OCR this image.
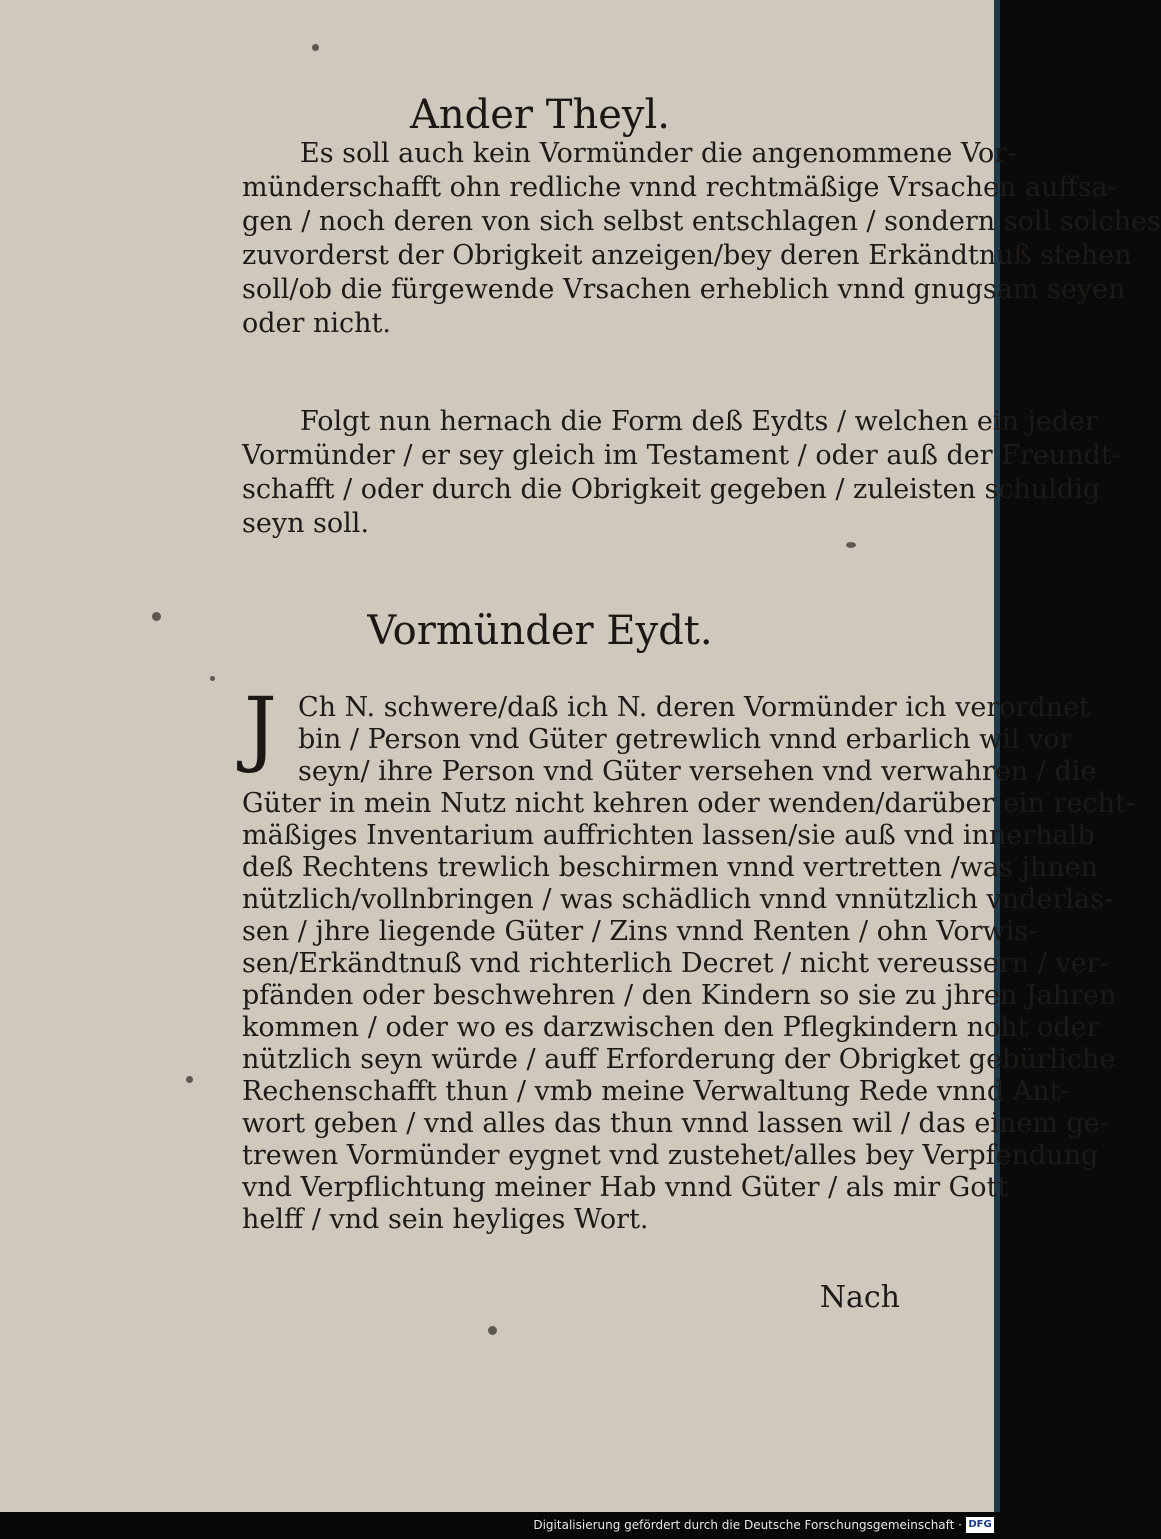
Ander Theyl.
Es soll auch kein Vormünder die angenommene Vor-
münderschafft ohn redliche vnnd rechtmäßige Vrsachen auffsa-
gen / noch deren von sich selbst entschlagen / sondern soll solches
zuvorderst der Obrigkeit anzeigen/bey deren Erkändtnuß stehen
soll/ob die fürgewende Vrsachen erheblich vnnd gnugsam seyen
oder nicht.
Folgt nun hernach die Form deß Eydts / welchen ein jeder
Vormünder / er sey gleich im Testament / oder auß der Freundt-
schafft / oder durch die Obrigkeit gegeben / zuleisten schuldig
seyn soll.
Vormünder Eydt.
J Ch N. schwere/daß ich N. deren Vormünder ich verordnet
bin / Person vnd Güter getrewlich vnnd erbarlich wil vor
seyn/ ihre Person vnd Güter versehen vnd verwahren / die
Güter in mein Nutz nicht kehren oder wenden/darüber ein recht-
mäßiges Inventarium auffrichten lassen/sie auß vnd innerhalb
deß Rechtens trewlich beschirmen vnnd vertretten /was jhnen
nützlich/vollnbringen / was schädlich vnnd vnnützlich vnderlas-
sen / jhre liegende Güter / Zins vnnd Renten / ohn Vorwis-
sen/Erkändtnuß vnd richterlich Decret / nicht vereussern / ver-
pfänden oder beschwehren / den Kindern so sie zu jhren Jahren
kommen / oder wo es darzwischen den Pflegkindern noht oder
nützlich seyn würde / auff Erforderung der Obrigket gebürliche
Rechenschafft thun / vmb meine Verwaltung Rede vnnd Ant-
wort geben / vnd alles das thun vnnd lassen wil / das einem ge-
trewen Vormünder eygnet vnd zustehet/alles bey Verpfendung
vnd Verpflichtung meiner Hab vnnd Güter / als mir Gott
helff / vnd sein heyliges Wort.
Nach
Digitalisierung gefördert durch die Deutsche Forschungsgemeinschaft · DFG
